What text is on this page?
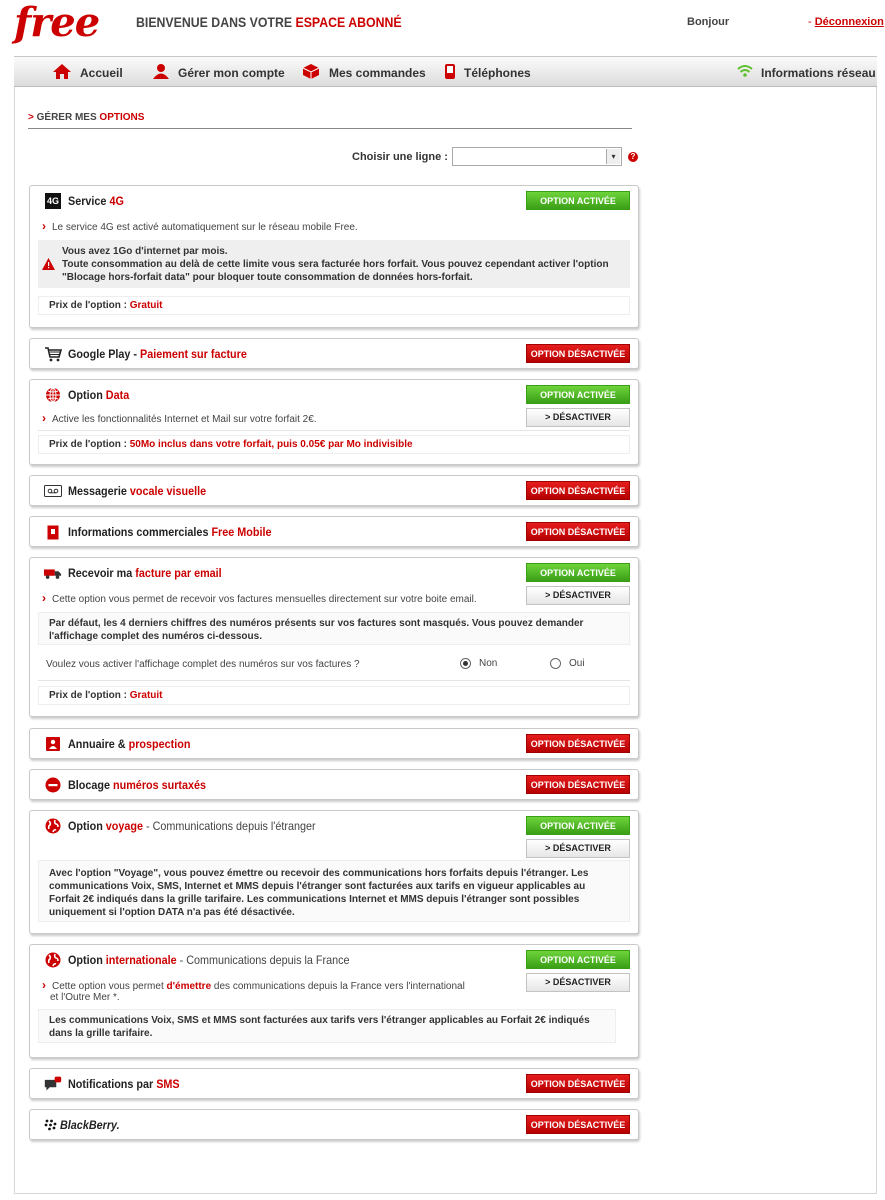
free	BIENVENUE DANS VOTRE ESPACE ABONNÉ	Bonjour	- Déconnexion
Accueil	Gérer mon compte	Mes commandes	Téléphones	Informations réseau
> GÉRER MES OPTIONS
Choisir une ligne :	▾	?
4G Service 4G	OPTION ACTIVÉE
› Le service 4G est activé automatiquement sur le réseau mobile Free.
Vous avez 1Go d'internet par mois.
Toute consommation au delà de cette limite vous sera facturée hors forfait. Vous pouvez cependant activer l'option "Blocage hors-forfait data" pour bloquer toute consommation de données hors-forfait.
Prix de l'option : Gratuit
Google Play - Paiement sur facture	OPTION DÉSACTIVÉE
Option Data	OPTION ACTIVÉE
> DÉSACTIVER
› Active les fonctionnalités Internet et Mail sur votre forfait 2€.
Prix de l'option : 50Mo inclus dans votre forfait, puis 0.05€ par Mo indivisible
Messagerie vocale visuelle	OPTION DÉSACTIVÉE
Informations commerciales Free Mobile	OPTION DÉSACTIVÉE
Recevoir ma facture par email	OPTION ACTIVÉE
> DÉSACTIVER
› Cette option vous permet de recevoir vos factures mensuelles directement sur votre boite email.
Par défaut, les 4 derniers chiffres des numéros présents sur vos factures sont masqués. Vous pouvez demander l'affichage complet des numéros ci-dessous.
Voulez vous activer l'affichage complet des numéros sur vos factures ?	Non	Oui
Prix de l'option : Gratuit
Annuaire & prospection	OPTION DÉSACTIVÉE
Blocage numéros surtaxés	OPTION DÉSACTIVÉE
Option voyage - Communications depuis l'étranger	OPTION ACTIVÉE
> DÉSACTIVER
Avec l'option "Voyage", vous pouvez émettre ou recevoir des communications hors forfaits depuis l'étranger. Les communications Voix, SMS, Internet et MMS depuis l'étranger sont facturées aux tarifs en vigueur applicables au Forfait 2€ indiqués dans la grille tarifaire. Les communications Internet et MMS depuis l'étranger sont possibles uniquement si l'option DATA n'a pas été désactivée.
Option internationale - Communications depuis la France	OPTION ACTIVÉE
> DÉSACTIVER
› Cette option vous permet d'émettre des communications depuis la France vers l'international
et l'Outre Mer *.
Les communications Voix, SMS et MMS sont facturées aux tarifs vers l'étranger applicables au Forfait 2€ indiqués dans la grille tarifaire.
1 Notifications par SMS	OPTION DÉSACTIVÉE
BlackBerry.	OPTION DÉSACTIVÉE
